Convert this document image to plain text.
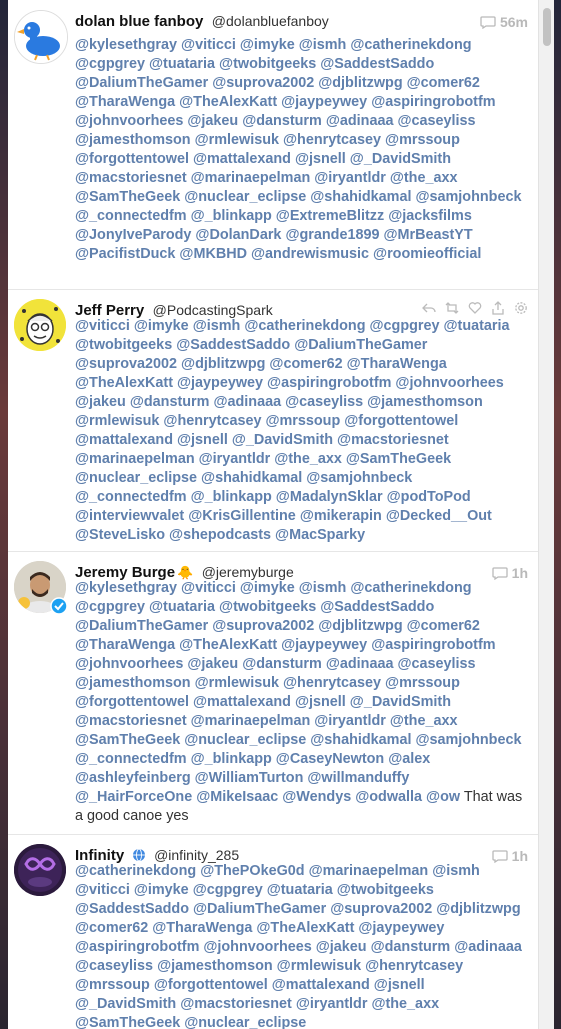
dolan blue fanboy @dolanbluefanboy	56m
@kylesethgray @viticci @imyke @ismh @catherinekdong @cgpgrey @tuataria @twobitgeeks @SaddestSaddo @DaliumTheGamer @suprova2002 @djblitzwpg @comer62 @TharaWenga @TheAlexKatt @jaypeywey @aspiringrobotfm @johnvoorhees @jakeu @dansturm @adinaaa @caseyliss @jamesthomson @rmlewisuk @henrytcasey @mrssoup @forgottentowel @mattalexand @jsnell @_DavidSmith @macstoriesnet @marinaepelman @iryantldr @the_axx @SamTheGeek @nuclear_eclipse @shahidkamal @samjohnbeck @_connectedfm @_blinkapp @ExtremeBlitzz @jacksfilms @JonyIveParody @DolanDark @grande1899 @MrBeastYT @PacifistDuck @MKBHD @andrewismusic @roomieofficial
Jeff Perry @PodcastingSpark
@viticci @imyke @ismh @catherinekdong @cgpgrey @tuataria @twobitgeeks @SaddestSaddo @DaliumTheGamer @suprova2002 @djblitzwpg @comer62 @TharaWenga @TheAlexKatt @jaypeywey @aspiringrobotfm @johnvoorhees @jakeu @dansturm @adinaaa @caseyliss @jamesthomson @rmlewisuk @henrytcasey @mrssoup @forgottentowel @mattalexand @jsnell @_DavidSmith @macstoriesnet @marinaepelman @iryantldr @the_axx @SamTheGeek @nuclear_eclipse @shahidkamal @samjohnbeck @_connectedfm @_blinkapp @MadalynSklar @podToPod @interviewvalet @KrisGillentine @mikerapin @Decked__Out @SteveLisko @shepodcasts @MacSparky
Jeremy Burge 🐥 @jeremyburge	1h
@kylesethgray @viticci @imyke @ismh @catherinekdong @cgpgrey @tuataria @twobitgeeks @SaddestSaddo @DaliumTheGamer @suprova2002 @djblitzwpg @comer62 @TharaWenga @TheAlexKatt @jaypeywey @aspiringrobotfm @johnvoorhees @jakeu @dansturm @adinaaa @caseyliss @jamesthomson @rmlewisuk @henrytcasey @mrssoup @forgottentowel @mattalexand @jsnell @_DavidSmith @macstoriesnet @marinaepelman @iryantldr @the_axx @SamTheGeek @nuclear_eclipse @shahidkamal @samjohnbeck @_connectedfm @_blinkapp @CaseyNewton @alex @ashleyfeinberg @WilliamTurton @willmanduffy @_HairForceOne @MikeIsaac @Wendys @odwalla @ow That was a good canoe yes
Infinity @infinity_285	1h
@catherinekdong @ThePOkeG0d @marinaepelman @ismh @viticci @imyke @cgpgrey @tuataria @twobitgeeks @SaddestSaddo @DaliumTheGamer @suprova2002 @djblitzwpg @comer62 @TharaWenga @TheAlexKatt @jaypeywey @aspiringrobotfm @johnvoorhees @jakeu @dansturm @adinaaa @caseyliss @jamesthomson @rmlewisuk @henrytcasey @mrssoup @forgottentowel @mattalexand @jsnell @_DavidSmith @macstoriesnet @iryantldr @the_axx @SamTheGeek @nuclear_eclipse
